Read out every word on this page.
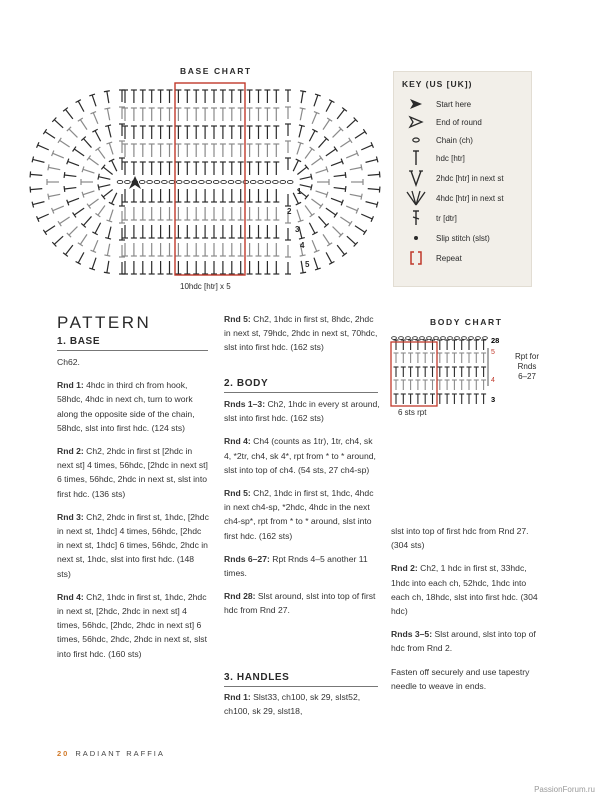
BASE CHART
1
2
3
4
5
10hdc [htr] x 5
KEY (US [UK])
Start here
End of round
Chain (ch)
hdc [htr]
2hdc [htr] in next st
4hdc [htr] in next st
tr [dtr]
Slip stitch (slst)
Repeat
PATTERN
1. BASE
Ch62.
Rnd 1: 4hdc in third ch from hook, 58hdc, 4hdc in next ch, turn to work along the opposite side of the chain, 58hdc, slst into first hdc. (124 sts)
Rnd 2: Ch2, 2hdc in first st [2hdc in next st] 4 times, 56hdc, [2hdc in next st] 6 times, 56hdc, 2hdc in next st, slst into first hdc. (136 sts)
Rnd 3: Ch2, 2hdc in first st, 1hdc, [2hdc in next st, 1hdc] 4 times, 56hdc, [2hdc in next st, 1hdc] 6 times, 56hdc, 2hdc in next st, 1hdc, slst into first hdc. (148 sts)
Rnd 4: Ch2, 1hdc in first st, 1hdc, 2hdc in next st, [2hdc, 2hdc in next st] 4 times, 56hdc, [2hdc, 2hdc in next st] 6 times, 56hdc, 2hdc, 2hdc in next st, slst into first hdc. (160 sts)
Rnd 5: Ch2, 1hdc in first st, 8hdc, 2hdc in next st, 79hdc, 2hdc in next st, 70hdc, slst into first hdc. (162 sts)
2. BODY
Rnds 1–3: Ch2, 1hdc in every st around, slst into first hdc. (162 sts)
Rnd 4: Ch4 (counts as 1tr), 1tr, ch4, sk 4, *2tr, ch4, sk 4*, rpt from * to * around, slst into top of ch4. (54 sts, 27 ch4-sp)
Rnd 5: Ch2, 1hdc in first st, 1hdc, 4hdc in next ch4-sp, *2hdc, 4hdc in the next ch4-sp*, rpt from * to * around, slst into first hdc. (162 sts)
Rnds 6–27: Rpt Rnds 4–5 another 11 times.
Rnd 28: Slst around, slst into top of first hdc from Rnd 27.
3. HANDLES
Rnd 1: Slst33, ch100, sk 29, slst52, ch100, sk 29, slst18,
BODY CHART
28
5
4
3
Rpt for
Rnds
6–27
6 sts rpt
slst into top of first hdc from Rnd 27. (304 sts)
Rnd 2: Ch2, 1 hdc in first st, 33hdc, 1hdc into each ch, 52hdc, 1hdc into each ch, 18hdc, slst into first hdc. (304 hdc)
Rnds 3–5: Slst around, slst into top of hdc from Rnd 2.
Fasten off securely and use tapestry needle to weave in ends.
20 RADIANT RAFFIA
PassionForum.ru
